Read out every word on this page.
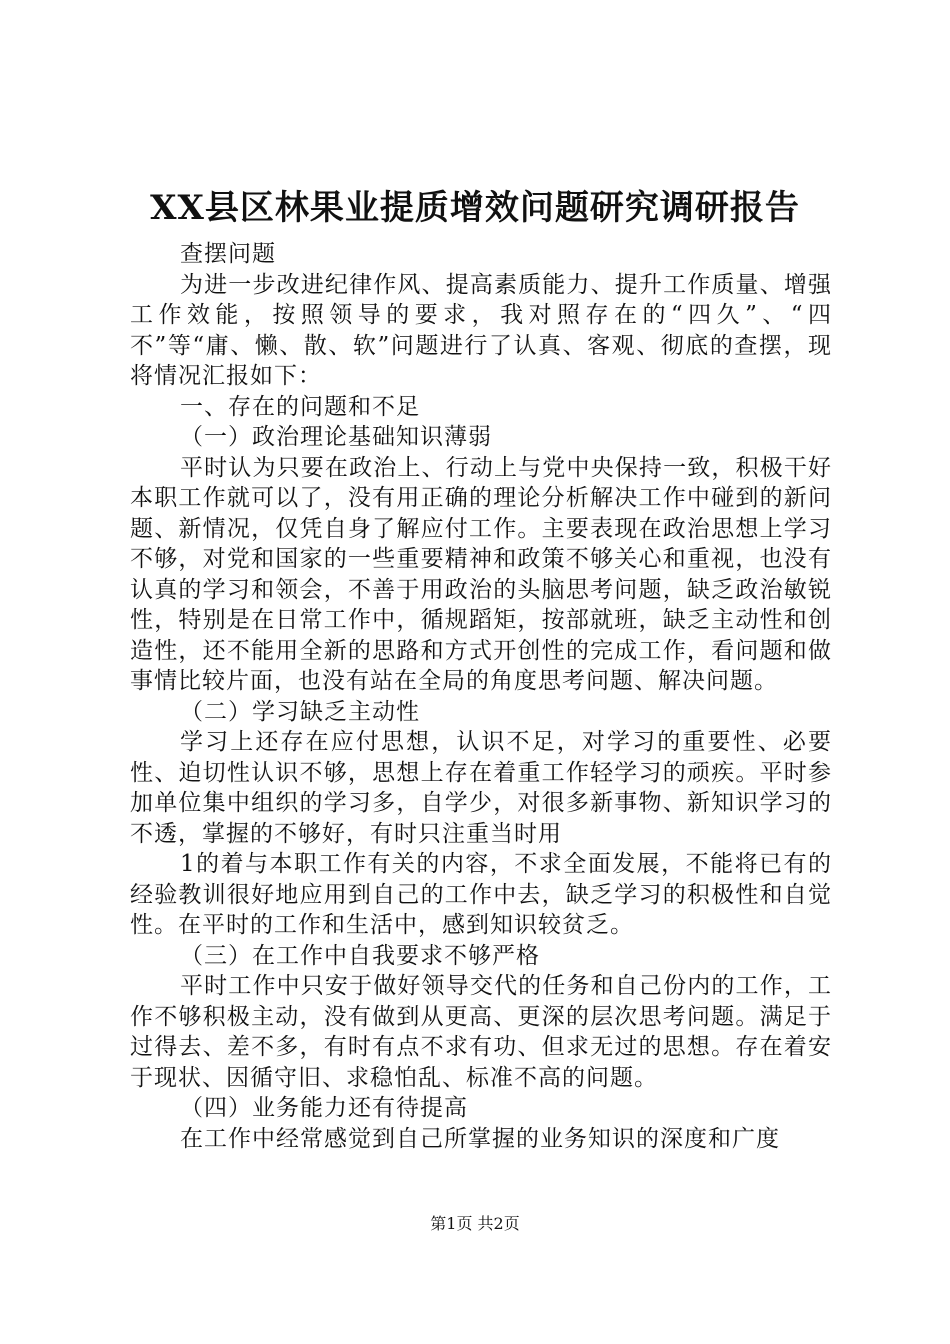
XX县区林果业提质增效问题研究调研报告

查摆问题

为进一步改进纪律作风、提高素质能力、提升工作质量、增强工作效能，按照领导的要求，我对照存在的“四久”、“四不”等“庸、懒、散、软”问题进行了认真、客观、彻底的查摆，现将情况汇报如下：

一、存在的问题和不足

（一）政治理论基础知识薄弱

平时认为只要在政治上、行动上与党中央保持一致，积极干好本职工作就可以了，没有用正确的理论分析解决工作中碰到的新问题、新情况，仅凭自身了解应付工作。主要表现在政治思想上学习不够，对党和国家的一些重要精神和政策不够关心和重视，也没有认真的学习和领会，不善于用政治的头脑思考问题，缺乏政治敏锐性，特别是在日常工作中，循规蹈矩，按部就班，缺乏主动性和创造性，还不能用全新的思路和方式开创性的完成工作，看问题和做事情比较片面，也没有站在全局的角度思考问题、解决问题。

（二）学习缺乏主动性

学习上还存在应付思想，认识不足，对学习的重要性、必要性、迫切性认识不够，思想上存在着重工作轻学习的顽疾。平时参加单位集中组织的学习多，自学少，对很多新事物、新知识学习的不透，掌握的不够好，有时只注重当时用

1的着与本职工作有关的内容，不求全面发展，不能将已有的经验教训很好地应用到自己的工作中去，缺乏学习的积极性和自觉性。在平时的工作和生活中，感到知识较贫乏。

（三）在工作中自我要求不够严格

平时工作中只安于做好领导交代的任务和自己份内的工作，工作不够积极主动，没有做到从更高、更深的层次思考问题。满足于过得去、差不多，有时有点不求有功、但求无过的思想。存在着安于现状、因循守旧、求稳怕乱、标准不高的问题。

（四）业务能力还有待提高

在工作中经常感觉到自己所掌握的业务知识的深度和广度

第1页 共2页
